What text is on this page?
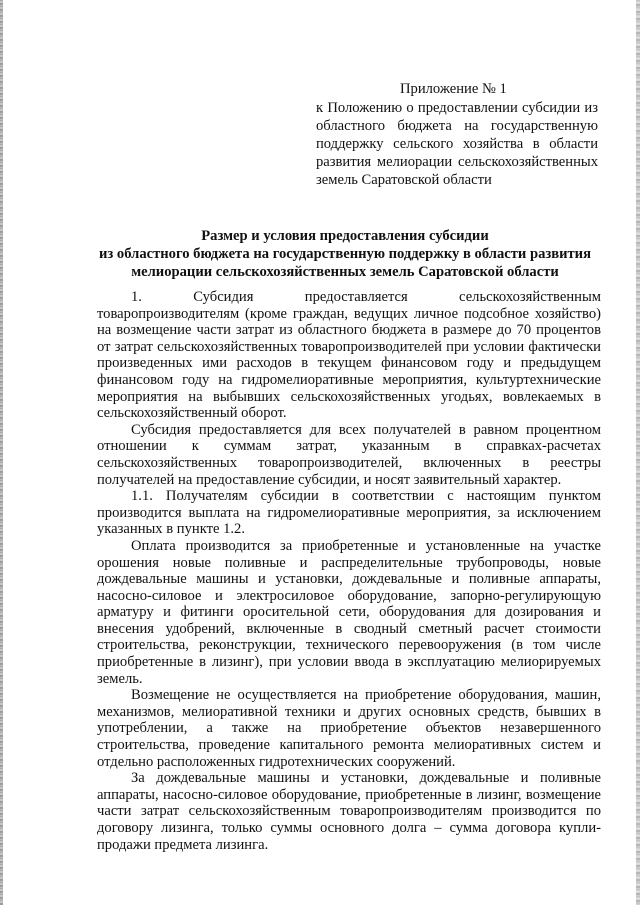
Приложение № 1
к Положению о предоставлении субсидии из областного бюджета на государственную поддержку сельского хозяйства в области развития мелиорации сельскохозяйственных земель Саратовской области
Размер и условия предоставления субсидии
из областного бюджета на государственную поддержку в области развития
мелиорации сельскохозяйственных земель Саратовской области

1. Субсидия предоставляется сельскохозяйственным товаропроизводителям (кроме граждан, ведущих личное подсобное хозяйство) на возмещение части затрат из областного бюджета в размере до 70 процентов от затрат сельскохозяйственных товаропроизводителей при условии фактически произведенных ими расходов в текущем финансовом году и предыдущем финансовом году на гидромелиоративные мероприятия, культуртехнические мероприятия на выбывших сельскохозяйственных угодьях, вовлекаемых в сельскохозяйственный оборот.

Субсидия предоставляется для всех получателей в равном процентном отношении к суммам затрат, указанным в справках-расчетах сельскохозяйственных товаропроизводителей, включенных в реестры получателей на предоставление субсидии, и носят заявительный характер.

1.1. Получателям субсидии в соответствии с настоящим пунктом производится выплата на гидромелиоративные мероприятия, за исключением указанных в пункте 1.2.

Оплата производится за приобретенные и установленные на участке орошения новые поливные и распределительные трубопроводы, новые дождевальные машины и установки, дождевальные и поливные аппараты, насосно-силовое и электросиловое оборудование, запорно-регулирующую арматуру и фитинги оросительной сети, оборудования для дозирования и внесения удобрений, включенные в сводный сметный расчет стоимости строительства, реконструкции, технического перевооружения (в том числе приобретенные в лизинг), при условии ввода в эксплуатацию мелиорируемых земель.

Возмещение не осуществляется на приобретение оборудования, машин, механизмов, мелиоративной техники и других основных средств, бывших в употреблении, а также на приобретение объектов незавершенного строительства, проведение капитального ремонта мелиоративных систем и отдельно расположенных гидротехнических сооружений.

За дождевальные машины и установки, дождевальные и поливные аппараты, насосно-силовое оборудование, приобретенные в лизинг, возмещение части затрат сельскохозяйственным товаропроизводителям производится по договору лизинга, только суммы основного долга – сумма договора купли-продажи предмета лизинга.
